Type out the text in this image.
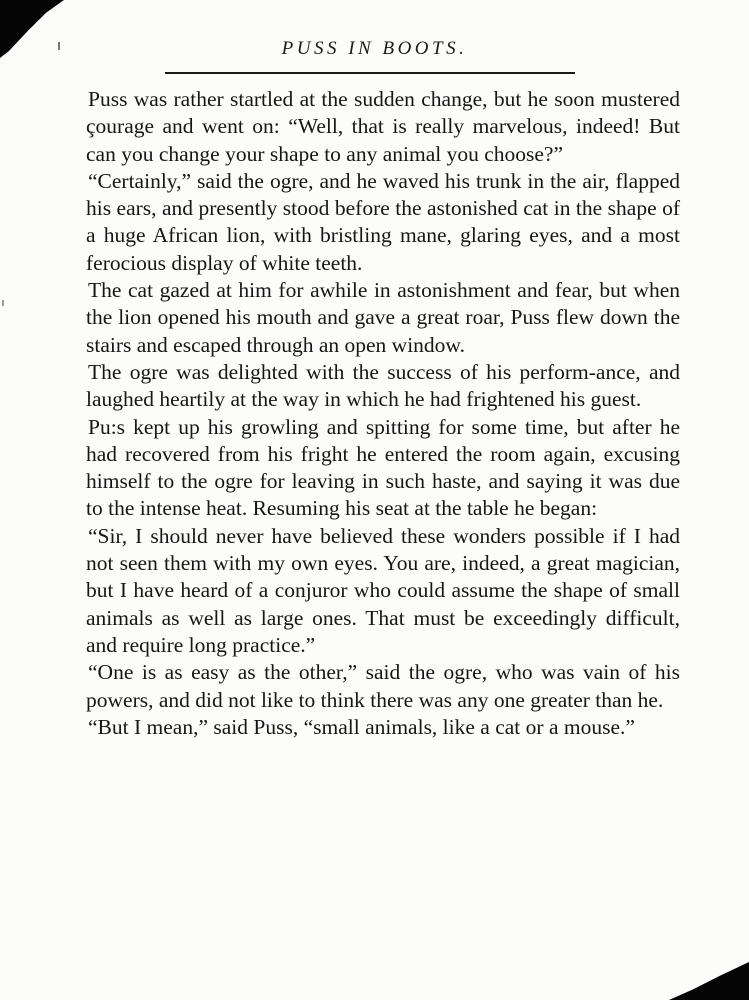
PUSS IN BOOTS.

Puss was rather startled at the sudden change, but he soon mustered çourage and went on: “Well, that is really marvelous, indeed! But can you change your shape to any animal you choose?”

“Certainly,” said the ogre, and he waved his trunk in the air, flapped his ears, and presently stood before the astonished cat in the shape of a huge African lion, with bristling mane, glaring eyes, and a most ferocious display of white teeth.

The cat gazed at him for awhile in astonishment and fear, but when the lion opened his mouth and gave a great roar, Puss flew down the stairs and escaped through an open window.

The ogre was delighted with the success of his perform-ance, and laughed heartily at the way in which he had frightened his guest.

Pu:s kept up his growling and spitting for some time, but after he had recovered from his fright he entered the room again, excusing himself to the ogre for leaving in such haste, and saying it was due to the intense heat. Resuming his seat at the table he began:

“Sir, I should never have believed these wonders possible if I had not seen them with my own eyes. You are, indeed, a great magician, but I have heard of a conjuror who could assume the shape of small animals as well as large ones. That must be exceedingly difficult, and require long practice.”

“One is as easy as the other,” said the ogre, who was vain of his powers, and did not like to think there was any one greater than he.

“But I mean,” said Puss, “small animals, like a cat or a mouse.”
